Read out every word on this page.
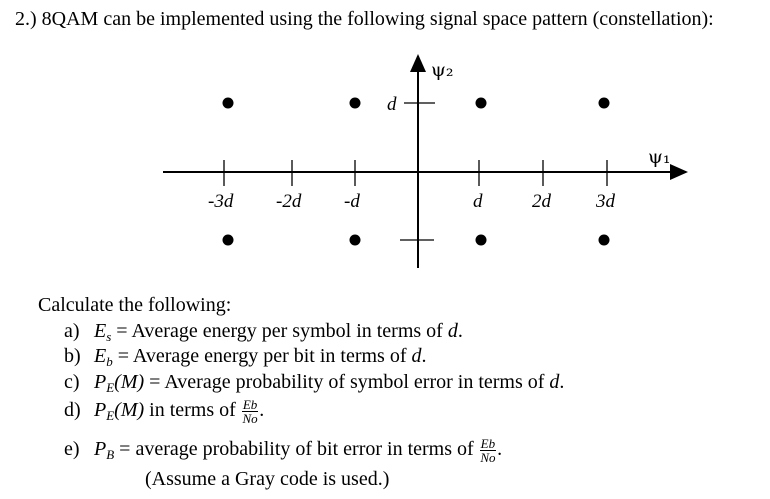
2.) 8QAM can be implemented using the following signal space pattern (constellation):
ψ₂
ψ₁
-3d -2d -d	d	2d 3d
d
Calculate the following:
a) $E_s$ = Average energy per symbol in terms of d.
b) $E_b$ = Average energy per bit in terms of d.
c) $P_E(M)$ = Average probability of symbol error in terms of d.
d) $P_E(M)$ in terms of $\frac{Eb}{No}$ .
e) $P_B$ = average probability of bit error in terms of $\frac{Eb}{No}$ .
(Assume a Gray code is used.)
